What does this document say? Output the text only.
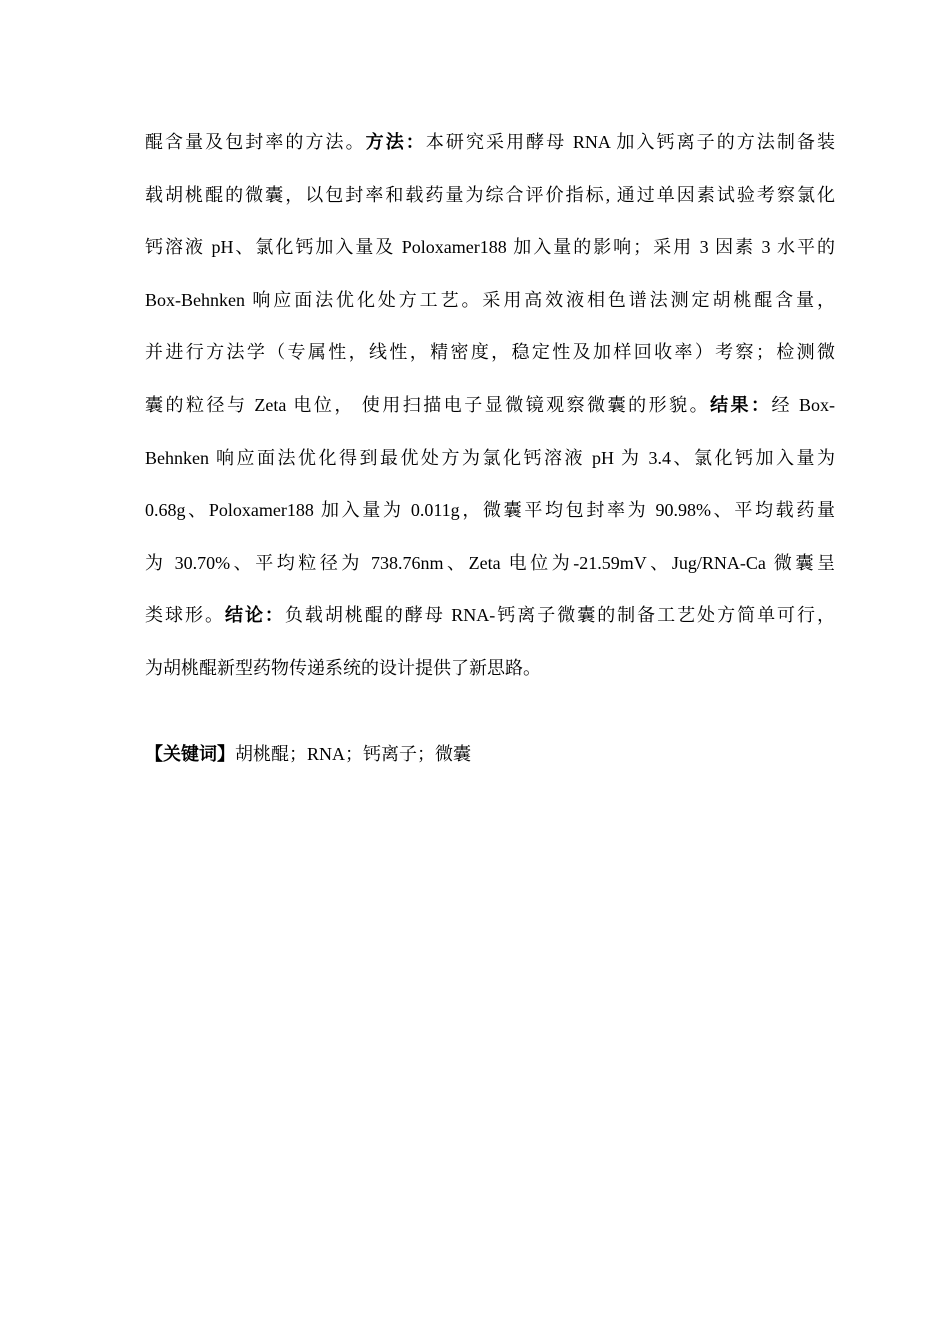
醌含量及包封率的方法。方法：本研究采用酵母 RNA 加入钙离子的方法制备装
载胡桃醌的微囊，以包封率和载药量为综合评价指标, 通过单因素试验考察氯化
钙溶液 pH、氯化钙加入量及 Poloxamer188 加入量的影响；采用 3 因素 3 水平的
Box-Behnken 响应面法优化处方工艺。采用高效液相色谱法测定胡桃醌含量，
并进行方法学（专属性，线性，精密度，稳定性及加样回收率）考察；检测微
囊的粒径与 Zeta 电位， 使用扫描电子显微镜观察微囊的形貌。结果：经 Box-
Behnken 响应面法优化得到最优处方为氯化钙溶液 pH 为 3.4、氯化钙加入量为
0.68g、Poloxamer188 加入量为 0.011g，微囊平均包封率为 90.98%、平均载药量
为 30.70%、平均粒径为 738.76nm、Zeta 电位为-21.59mV、Jug/RNA-Ca 微囊呈
类球形。结论：负载胡桃醌的酵母 RNA-钙离子微囊的制备工艺处方简单可行，
为胡桃醌新型药物传递系统的设计提供了新思路。
【关键词】胡桃醌；RNA；钙离子；微囊
